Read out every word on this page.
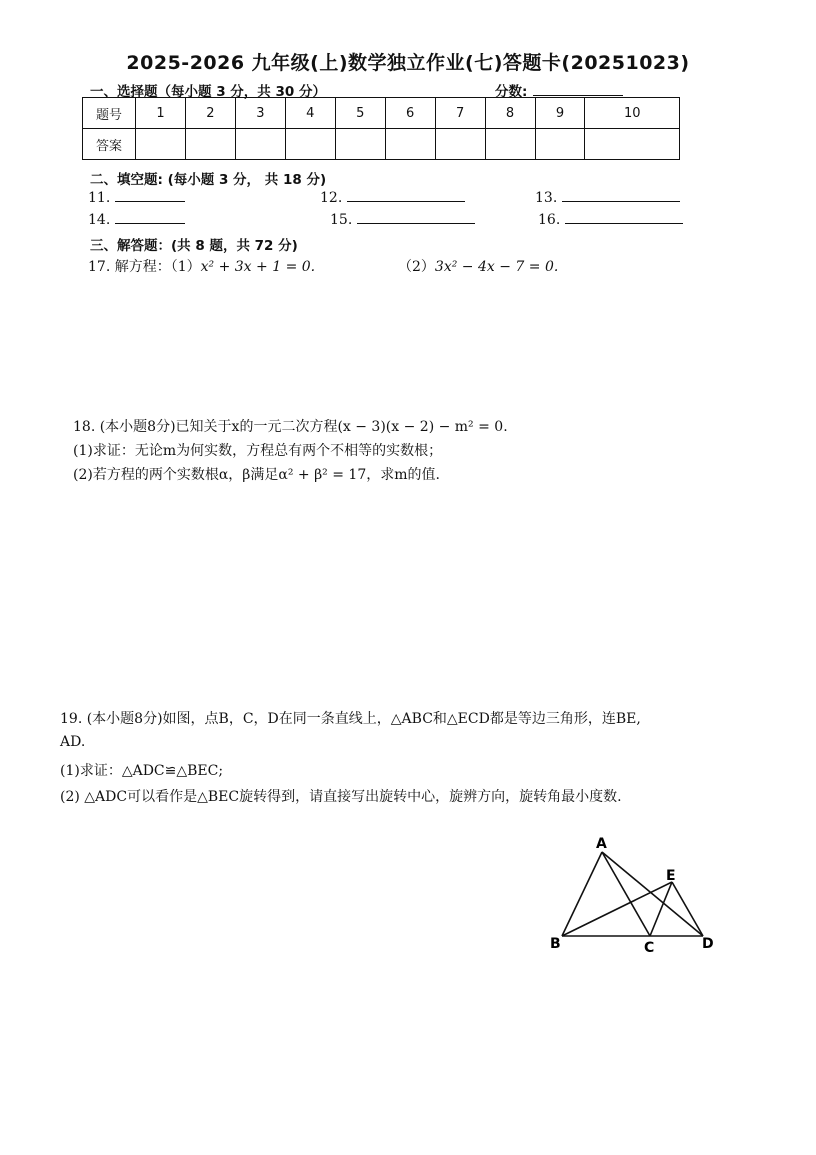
2025-2026 九年级(上)数学独立作业(七)答题卡(20251023)
一、选择题（每小题 3 分，共 30 分）	分数:
题号	1	2	3	4	5	6	7	8	9	10
答案										
二、填空题: (每小题 3 分， 共 18 分)
11.	12.	13.
14.	15.	16.
三、解答题：(共 8 题，共 72 分)
17. 解方程：（1）x² + 3x + 1 = 0.	（2）3x² − 4x − 7 = 0.
18. (本小题8分)已知关于x的一元二次方程(x − 3)(x − 2) − m² = 0.
(1)求证：无论m为何实数，方程总有两个不相等的实数根；
(2)若方程的两个实数根α，β满足α² + β² = 17，求m的值.
19. (本小题8分)如图，点B，C，D在同一条直线上，△ABC和△ECD都是等边三角形，连BE,
AD.
(1)求证：△ADC≌△BEC;
(2) △ADC可以看作是△BEC旋转得到，请直接写出旋转中心，旋辨方向，旋转角最小度数.
A
B	C	D
E
